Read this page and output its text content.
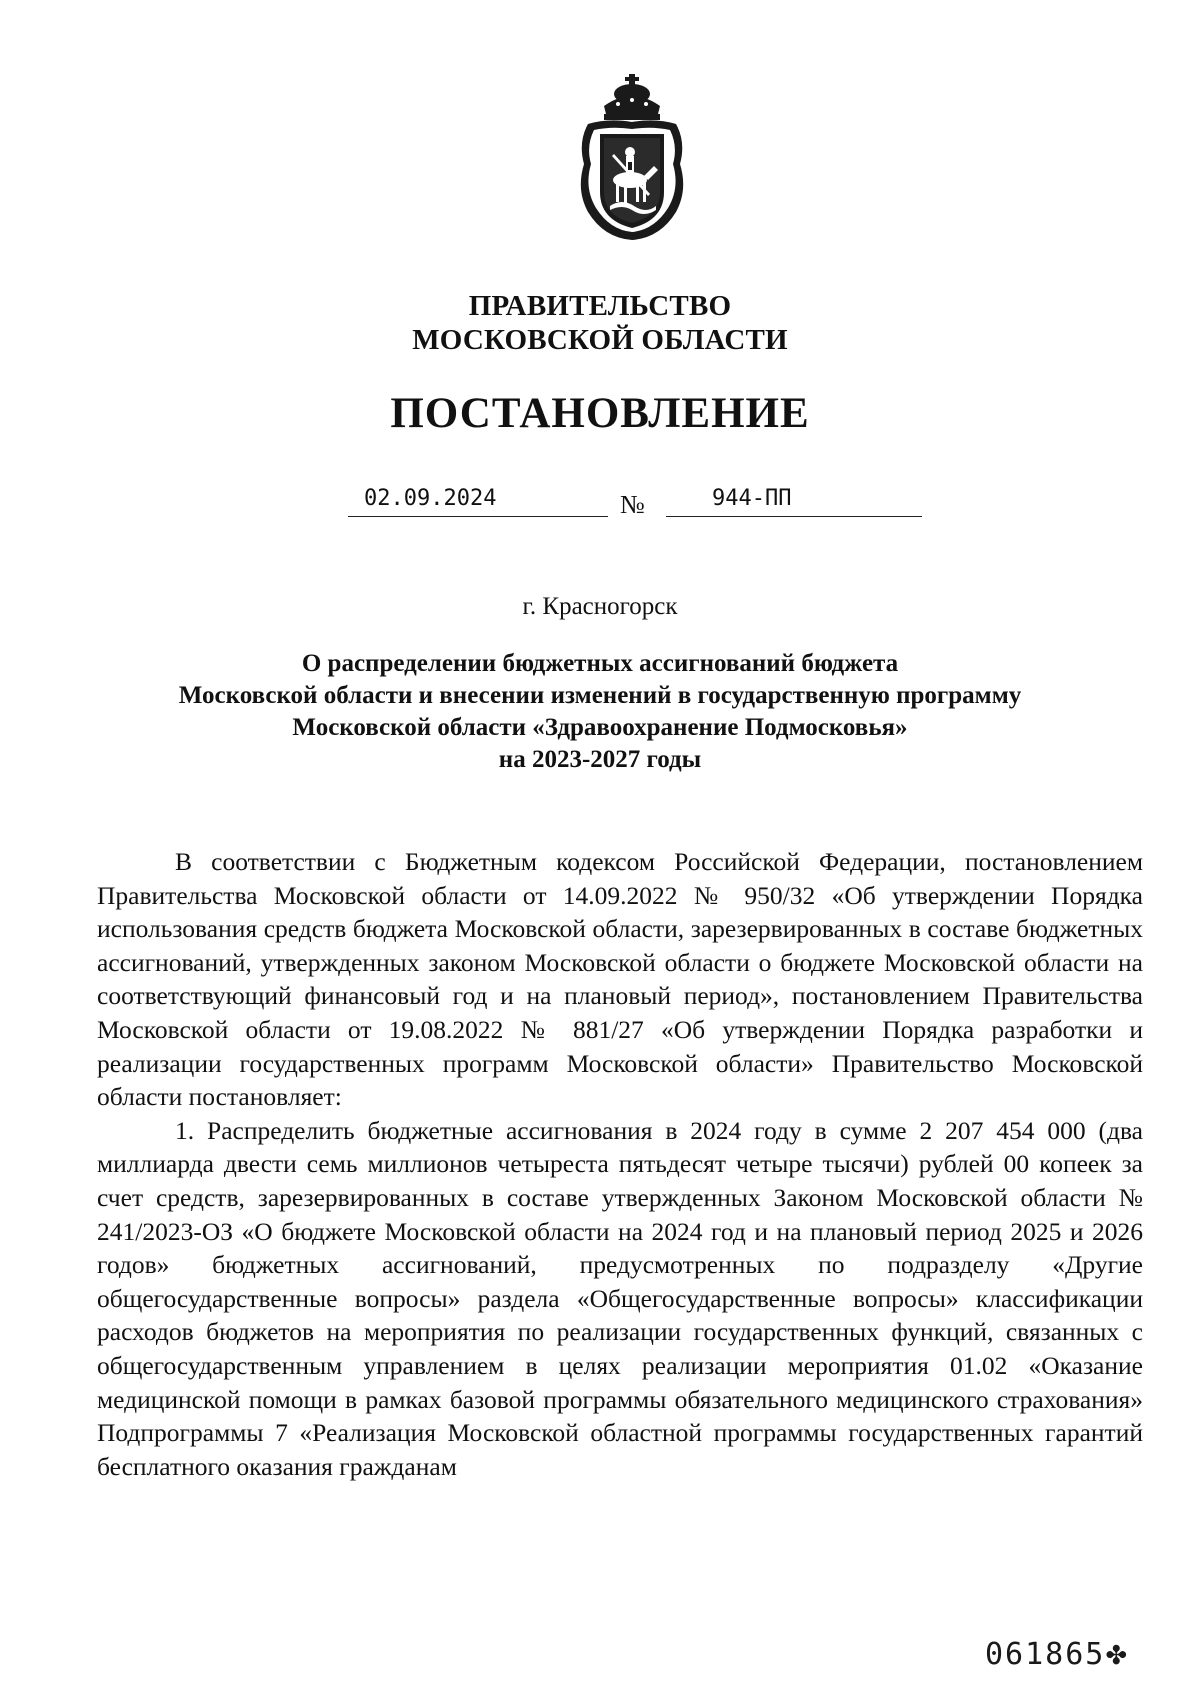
ПРАВИТЕЛЬСТВО
МОСКОВСКОЙ ОБЛАСТИ
ПОСТАНОВЛЕНИЕ
02.09.2024	№	944-ПП
г. Красногорск
О распределении бюджетных ассигнований бюджета
Московской области и внесении изменений в государственную программу
Московской области «Здравоохранение Подмосковья»
на 2023-2027 годы

В соответствии с Бюджетным кодексом Российской Федерации, постановлением Правительства Московской области от 14.09.2022 № 950/32 «Об утверждении Порядка использования средств бюджета Московской области, зарезервированных в составе бюджетных ассигнований, утвержденных законом Московской области о бюджете Московской области на соответствующий финансовый год и на плановый период», постановлением Правительства Московской области от 19.08.2022 № 881/27 «Об утверждении Порядка разработки и реализации государственных программ Московской области» Правительство Московской области постановляет:

1. Распределить бюджетные ассигнования в 2024 году в сумме 2 207 454 000 (два миллиарда двести семь миллионов четыреста пятьдесят четыре тысячи) рублей 00 копеек за счет средств, зарезервированных в составе утвержденных Законом Московской области № 241/2023-ОЗ «О бюджете Московской области на 2024 год и на плановый период 2025 и 2026 годов» бюджетных ассигнований, предусмотренных по подразделу «Другие общегосударственные вопросы» раздела «Общегосударственные вопросы» классификации расходов бюджетов на мероприятия по реализации государственных функций, связанных с общегосударственным управлением в целях реализации мероприятия 01.02 «Оказание медицинской помощи в рамках базовой программы обязательного медицинского страхования» Подпрограммы 7 «Реализация Московской областной программы государственных гарантий бесплатного оказания гражданам

061865✤
